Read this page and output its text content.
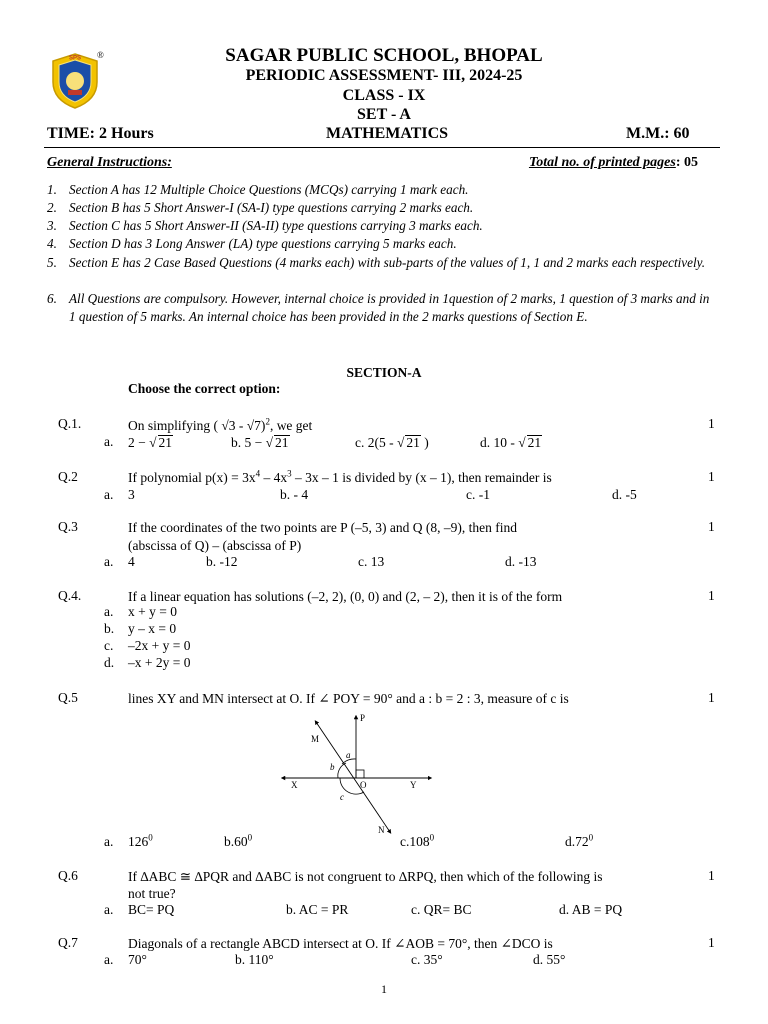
SPS ®	SAGAR PUBLIC SCHOOL, BHOPAL
PERIODIC ASSESSMENT- III, 2024-25
CLASS - IX
SET - A
TIME: 2 Hours	MATHEMATICS	M.M.: 60
General Instructions:	Total no. of printed pages: 05
1. Section A has 12 Multiple Choice Questions (MCQs) carrying 1 mark each.
2. Section B has 5 Short Answer-I (SA-I) type questions carrying 2 marks each.
3. Section C has 5 Short Answer-II (SA-II) type questions carrying 3 marks each.
4. Section D has 3 Long Answer (LA) type questions carrying 5 marks each.
5. Section E has 2 Case Based Questions (4 marks each) with sub-parts of the values of 1, 1 and 2 marks each respectively.
6. All Questions are compulsory. However, internal choice is provided in 1question of 2 marks, 1 question of 3 marks and in 1 question of 5 marks. An internal choice has been provided in the 2 marks questions of Section E.
SECTION-A
Choose the correct option:
Q.1.	On simplifying ( √3 - √7)$^2$, we get	1
a. 2 − √ 21	b. 5 − √ 21	c. 2(5 - √ 21 )	d. 10 - √ 21
Q.2	If polynomial $p(x) = 3x^4 - 4x^3 - 3x - 1$ is divided by (x – 1), then remainder is	1
a. 3	b. - 4	c. -1	d. -5
Q.3	If the coordinates of the two points are P (–5, 3) and Q (8, –9), then find
(abscissa of Q) – (abscissa of P)
1
a. 4	b. -12	c. 13	d. -13
Q.4.	If a linear equation has solutions (–2, 2), (0, 0) and (2, – 2), then it is of the form	1
a. x + y = 0
b. y – x = 0
c. –2x + y = 0
d. –x + 2y = 0
Q.5	lines XY and MN intersect at O. If ∠ POY = 90° and a : b = 2 : 3, measure of c is	1
P
M
X	O	Y
N
a
b
c
a. $126^0$	$b.60^0$	c.108$^0$	$d.72^0$
Q.6	If ∆ABC ≅ ∆PQR and ∆ABC is not congruent to ∆RPQ, then which of the following is
not true?
1
a. BC= PQ	b. AC = PR	c. QR= BC	d. AB = PQ
Q.7	Diagonals of a rectangle ABCD intersect at O. If ∠AOB = 70°, then ∠DCO is	1
a. 70°	b. 110°	c. 35°	d. 55°
1
